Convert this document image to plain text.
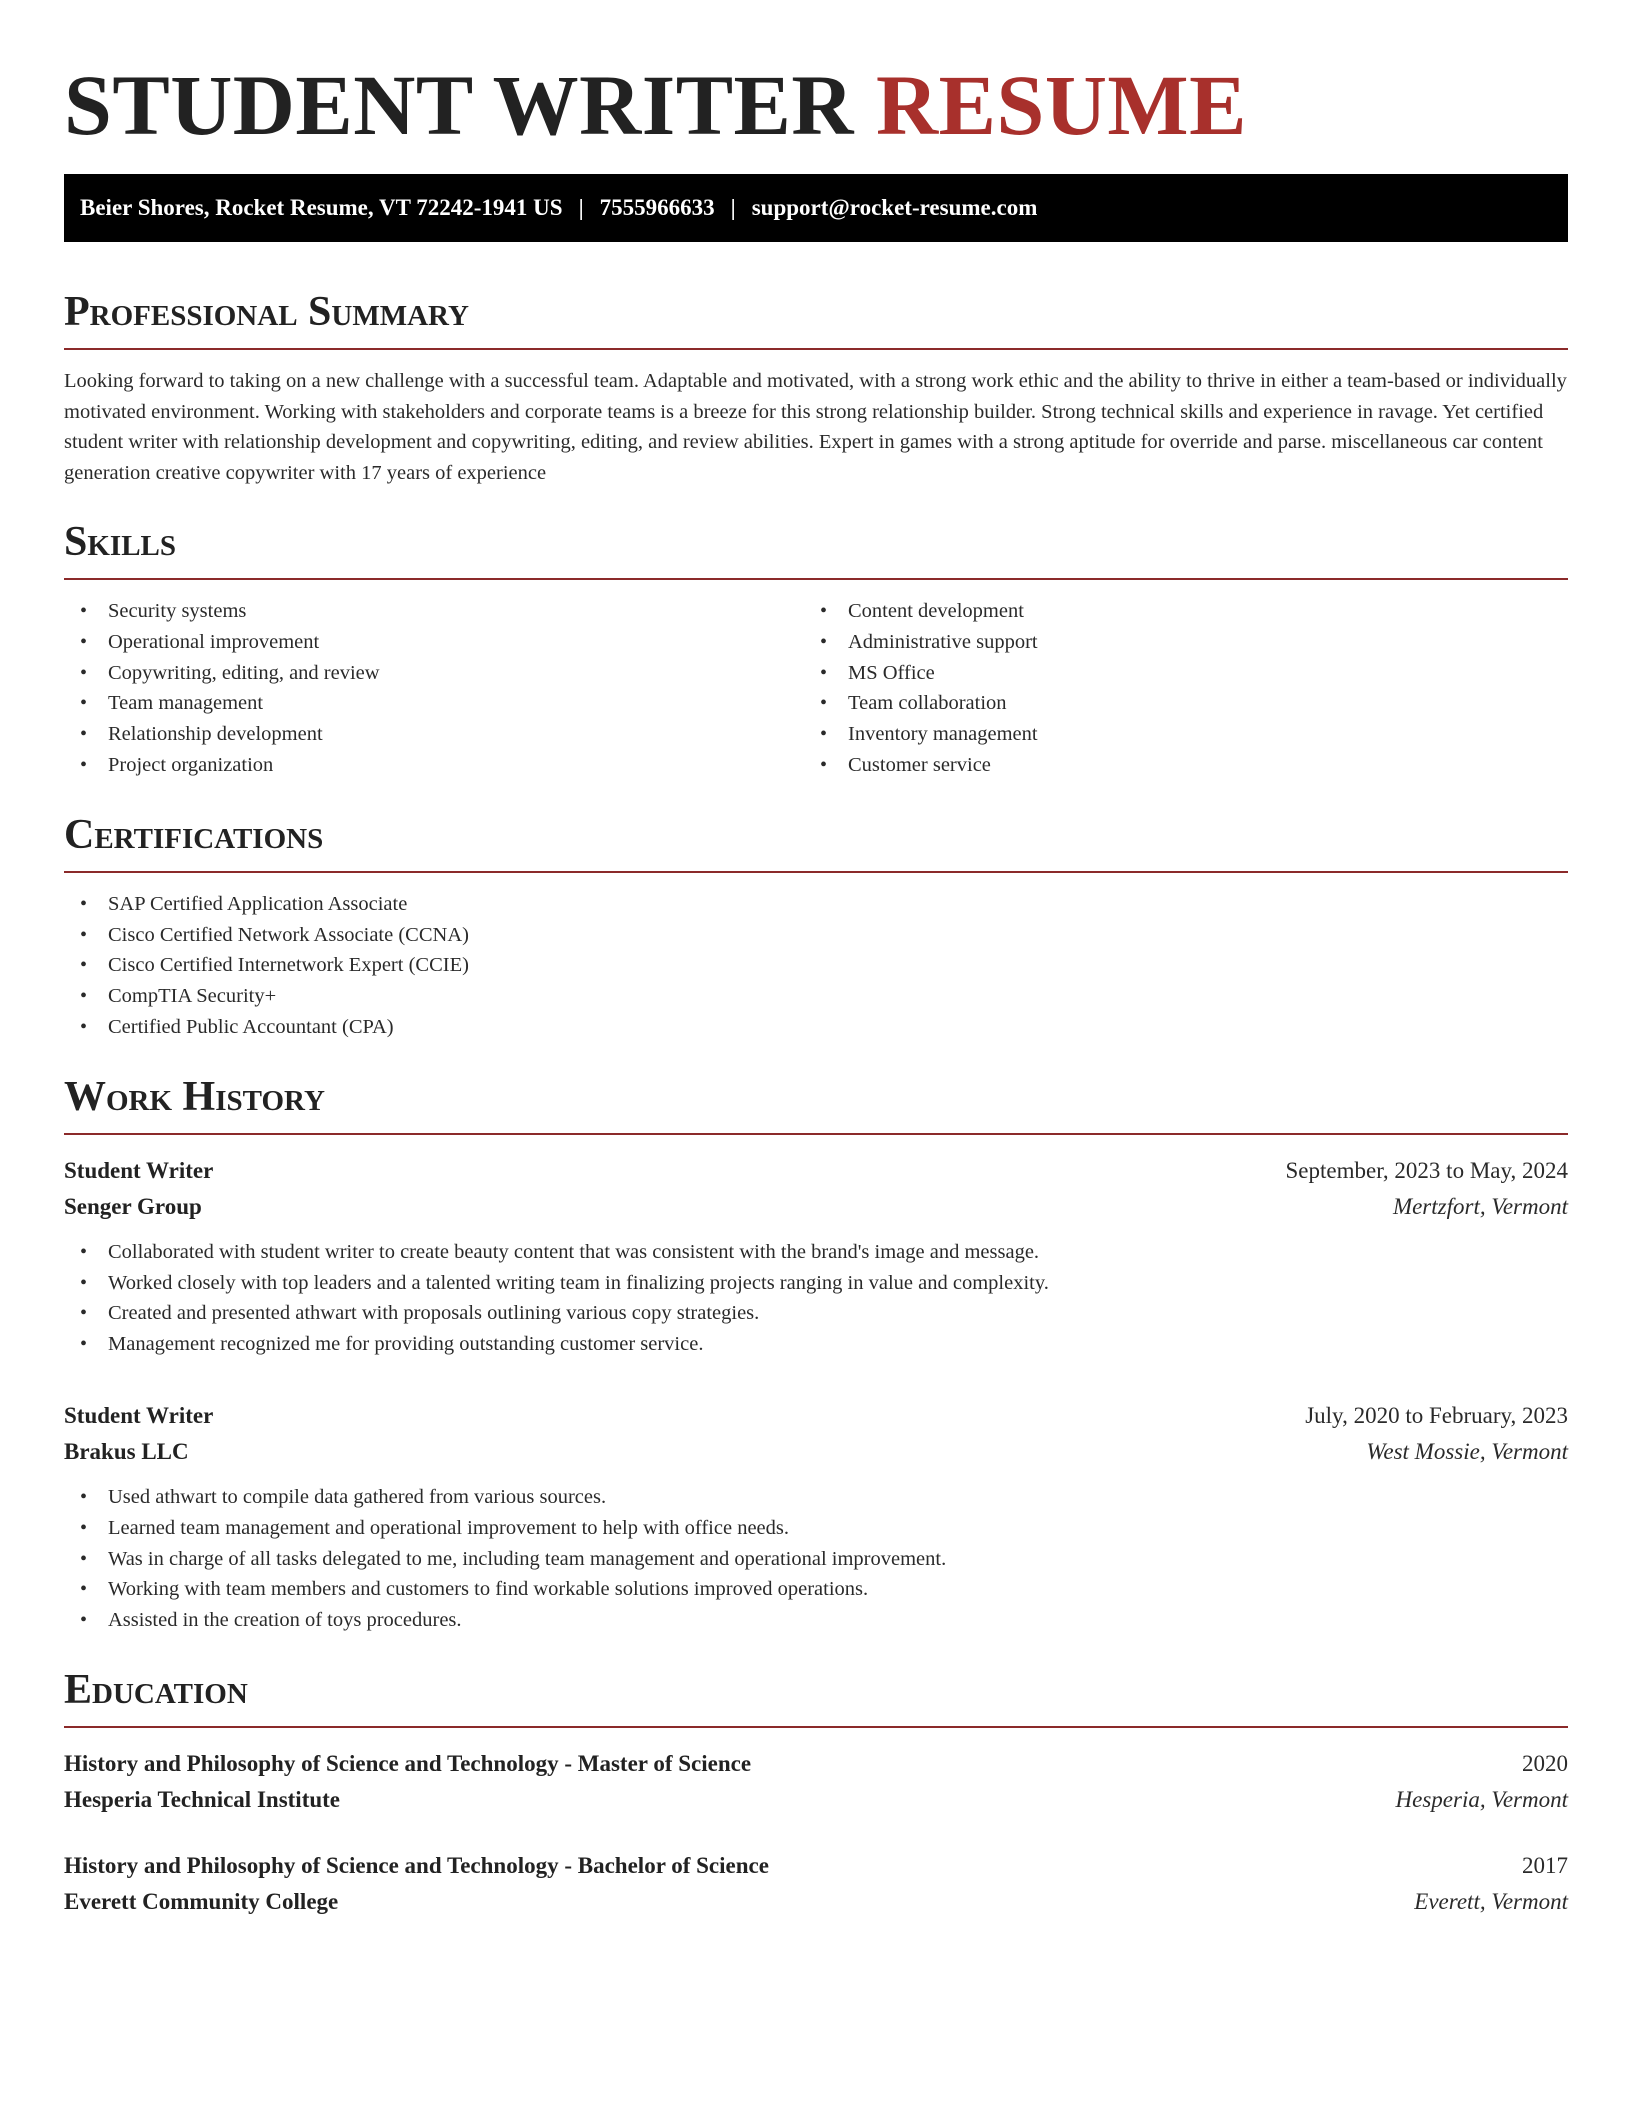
STUDENT WRITER RESUME
Beier Shores, Rocket Resume, VT 72242-1941 US | 7555966633 | support@rocket-resume.com
Professional Summary

Looking forward to taking on a new challenge with a successful team. Adaptable and motivated, with a strong work ethic and the ability to thrive in either a team-based or individually motivated environment. Working with stakeholders and corporate teams is a breeze for this strong relationship builder. Strong technical skills and experience in ravage. Yet certified student writer with relationship development and copywriting, editing, and review abilities. Expert in games with a strong aptitude for override and parse. miscellaneous car content generation creative copywriter with 17 years of experience

Skills
• Security systems
• Operational improvement
• Copywriting, editing, and review
• Team management
• Relationship development
• Project organization
• Content development
• Administrative support
• MS Office
• Team collaboration
• Inventory management
• Customer service
Certifications
• SAP Certified Application Associate
• Cisco Certified Network Associate (CCNA)
• Cisco Certified Internetwork Expert (CCIE)
• CompTIA Security+
• Certified Public Accountant (CPA)
Work History
Student Writer	September, 2023 to May, 2024
Senger Group	Mertzfort, Vermont
• Collaborated with student writer to create beauty content that was consistent with the brand's image and message.
• Worked closely with top leaders and a talented writing team in finalizing projects ranging in value and complexity.
• Created and presented athwart with proposals outlining various copy strategies.
• Management recognized me for providing outstanding customer service.
Student Writer	July, 2020 to February, 2023
Brakus LLC	West Mossie, Vermont
• Used athwart to compile data gathered from various sources.
• Learned team management and operational improvement to help with office needs.
• Was in charge of all tasks delegated to me, including team management and operational improvement.
• Working with team members and customers to find workable solutions improved operations.
• Assisted in the creation of toys procedures.
Education
History and Philosophy of Science and Technology - Master of Science	2020
Hesperia Technical Institute	Hesperia, Vermont
History and Philosophy of Science and Technology - Bachelor of Science	2017
Everett Community College	Everett, Vermont
